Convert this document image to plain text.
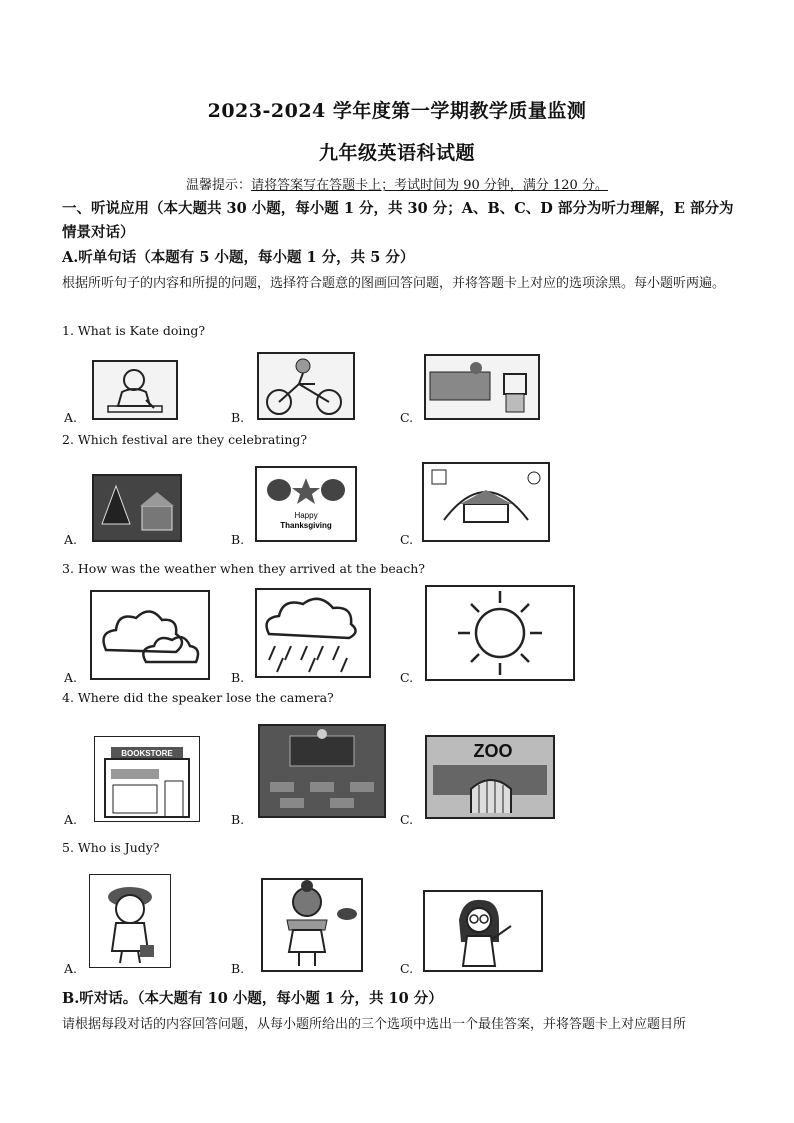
2023-2024 学年度第一学期教学质量监测
九年级英语科试题
温馨提示：请将答案写在答题卡上；考试时间为 90 分钟，满分 120 分。
一、听说应用（本大题共 30 小题，每小题 1 分，共 30 分；A、B、C、D 部分为听力理解，E 部分为情景对话）
A.听单句话（本题有 5 小题，每小题 1 分，共 5 分）
根据所听句子的内容和所提的问题，选择符合题意的图画回答问题，并将答题卡上对应的选项涂黑。每小题听两遍。
1. What is Kate doing?
A.	B.	C.
2. Which festival are they celebrating?
A.	B.
Happy
Thanksgiving
C.
3. How was the weather when they arrived at the beach?
A.	B.	C.
4. Where did the speaker lose the camera?
A.
BOOKSTORE
B.	C.
ZOO
5. Who is Judy?
A.	B.	C.
B.听对话。（本大题有 10 小题，每小题 1 分，共 10 分）
请根据每段对话的内容回答问题，从每小题所给出的三个选项中选出一个最佳答案，并将答题卡上对应题目所
